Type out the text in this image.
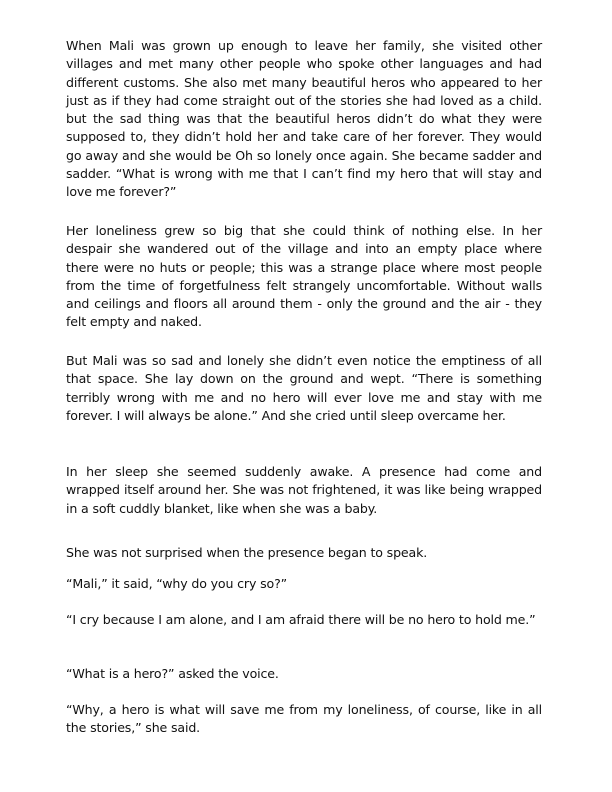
When Mali was grown up enough to leave her family, she visited other villages and met many other people who spoke other languages and had different customs. She also met many beautiful heros who appeared to her just as if they had come straight out of the stories she had loved as a child. but the sad thing was that the beautiful heros didn’t do what they were supposed to, they didn’t hold her and take care of her forever. They would go away and she would be Oh so lonely once again. She became sadder and sadder. “What is wrong with me that I can’t find my hero that will stay and love me forever?”

Her loneliness grew so big that she could think of nothing else. In her despair she wandered out of the village and into an empty place where there were no huts or people; this was a strange place where most people from the time of forgetfulness felt strangely uncomfortable. Without walls and ceilings and floors all around them - only the ground and the air - they felt empty and naked.

But Mali was so sad and lonely she didn’t even notice the emptiness of all that space. She lay down on the ground and wept. “There is something terribly wrong with me and no hero will ever love me and stay with me forever. I will always be alone.” And she cried until sleep overcame her.

In her sleep she seemed suddenly awake. A presence had come and wrapped itself around her. She was not frightened, it was like being wrapped in a soft cuddly blanket, like when she was a baby.

She was not surprised when the presence began to speak.

“Mali,” it said, “why do you cry so?”

“I cry because I am alone, and I am afraid there will be no hero to hold me.”

“What is a hero?” asked the voice.

“Why, a hero is what will save me from my loneliness, of course, like in all the stories,” she said.
